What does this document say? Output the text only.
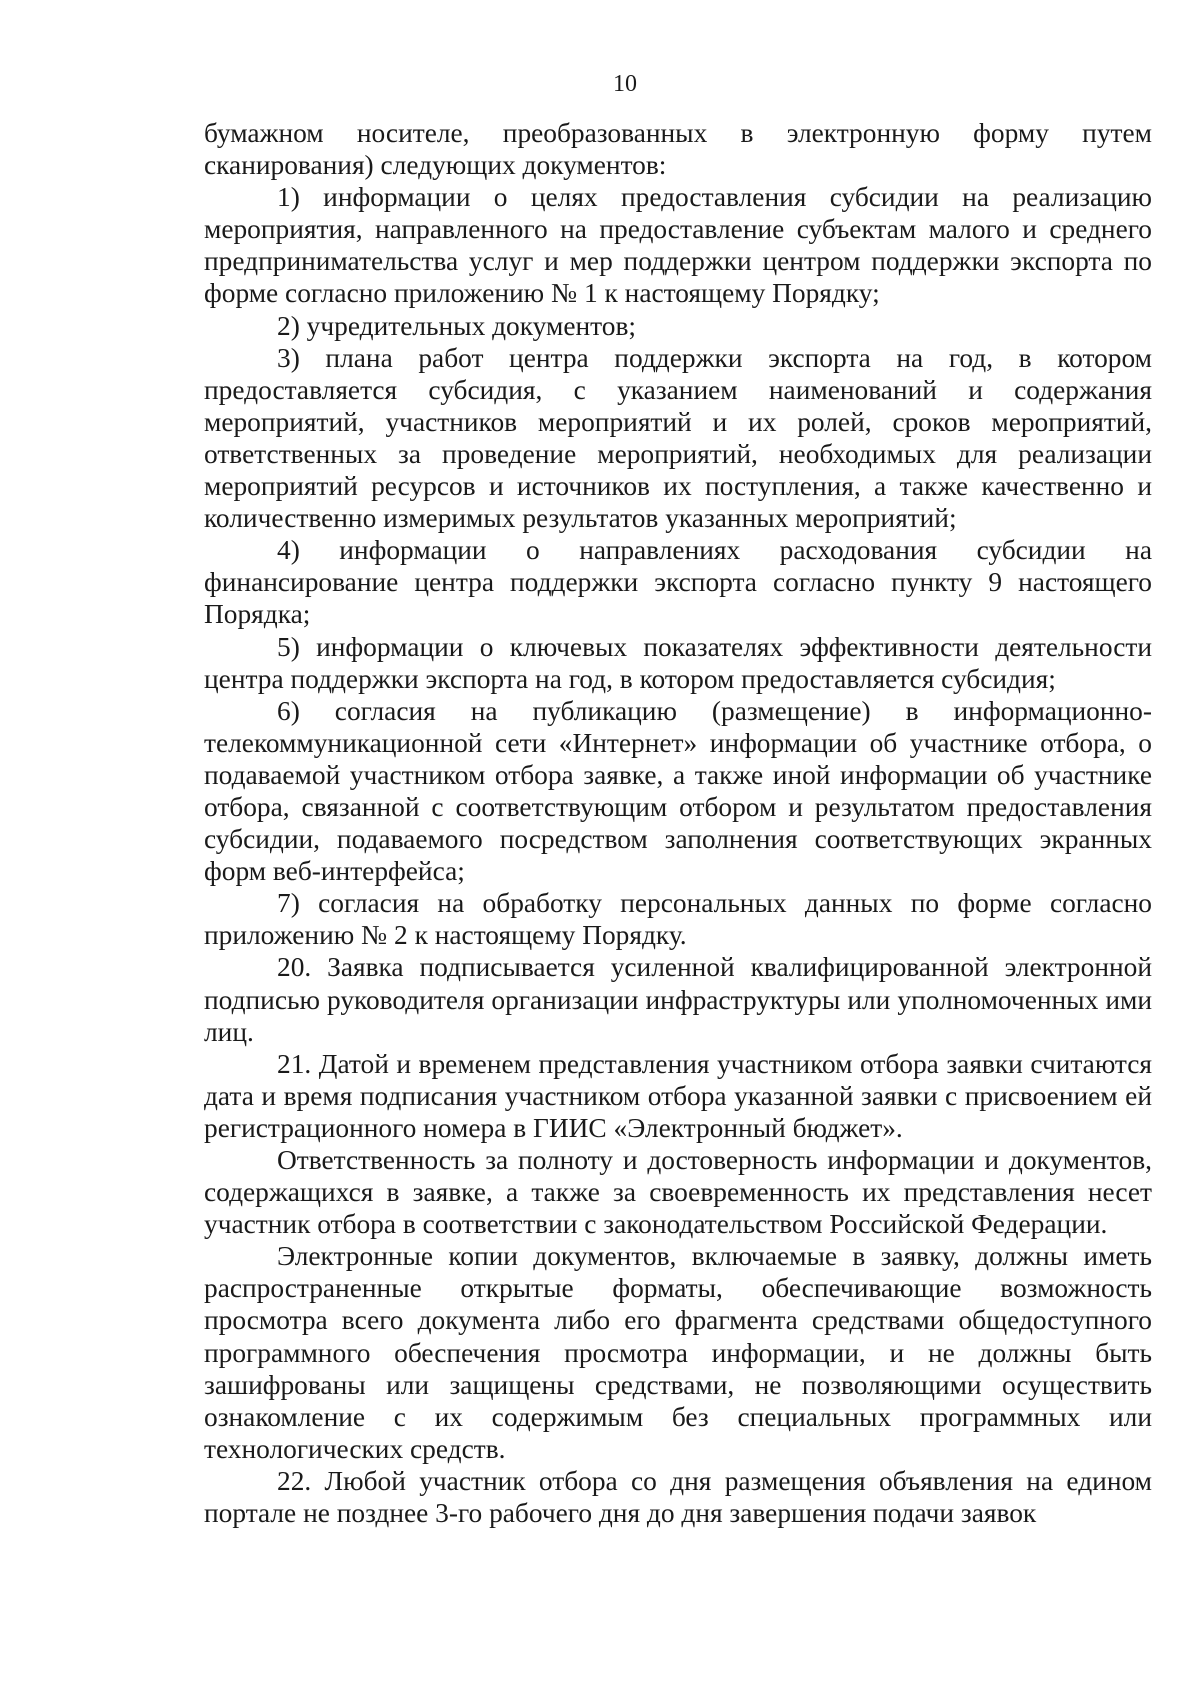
10

бумажном носителе, преобразованных в электронную форму путем сканирования) следующих документов:

1) информации о целях предоставления субсидии на реализацию мероприятия, направленного на предоставление субъектам малого и среднего предпринимательства услуг и мер поддержки центром поддержки экспорта по форме согласно приложению № 1 к настоящему Порядку;

2) учредительных документов;

3) плана работ центра поддержки экспорта на год, в котором предоставляется субсидия, с указанием наименований и содержания мероприятий, участников мероприятий и их ролей, сроков мероприятий, ответственных за проведение мероприятий, необходимых для реализации мероприятий ресурсов и источников их поступления, а также качественно и количественно измеримых результатов указанных мероприятий;

4) информации о направлениях расходования субсидии на финансирование центра поддержки экспорта согласно пункту 9 настоящего Порядка;

5) информации о ключевых показателях эффективности деятельности центра поддержки экспорта на год, в котором предоставляется субсидия;

6) согласия на публикацию (размещение) в информационно-телекоммуникационной сети «Интернет» информации об участнике отбора, о подаваемой участником отбора заявке, а также иной информации об участнике отбора, связанной с соответствующим отбором и результатом предоставления субсидии, подаваемого посредством заполнения соответствующих экранных форм веб-интерфейса;

7) согласия на обработку персональных данных по форме согласно приложению № 2 к настоящему Порядку.

20. Заявка подписывается усиленной квалифицированной электронной подписью руководителя организации инфраструктуры или уполномоченных ими лиц.

21. Датой и временем представления участником отбора заявки считаются дата и время подписания участником отбора указанной заявки с присвоением ей регистрационного номера в ГИИС «Электронный бюджет».

Ответственность за полноту и достоверность информации и документов, содержащихся в заявке, а также за своевременность их представления несет участник отбора в соответствии с законодательством Российской Федерации.

Электронные копии документов, включаемые в заявку, должны иметь распространенные открытые форматы, обеспечивающие возможность просмотра всего документа либо его фрагмента средствами общедоступного программного обеспечения просмотра информации, и не должны быть зашифрованы или защищены средствами, не позволяющими осуществить ознакомление с их содержимым без специальных программных или технологических средств.

22. Любой участник отбора со дня размещения объявления на едином портале не позднее 3-го рабочего дня до дня завершения подачи заявок
